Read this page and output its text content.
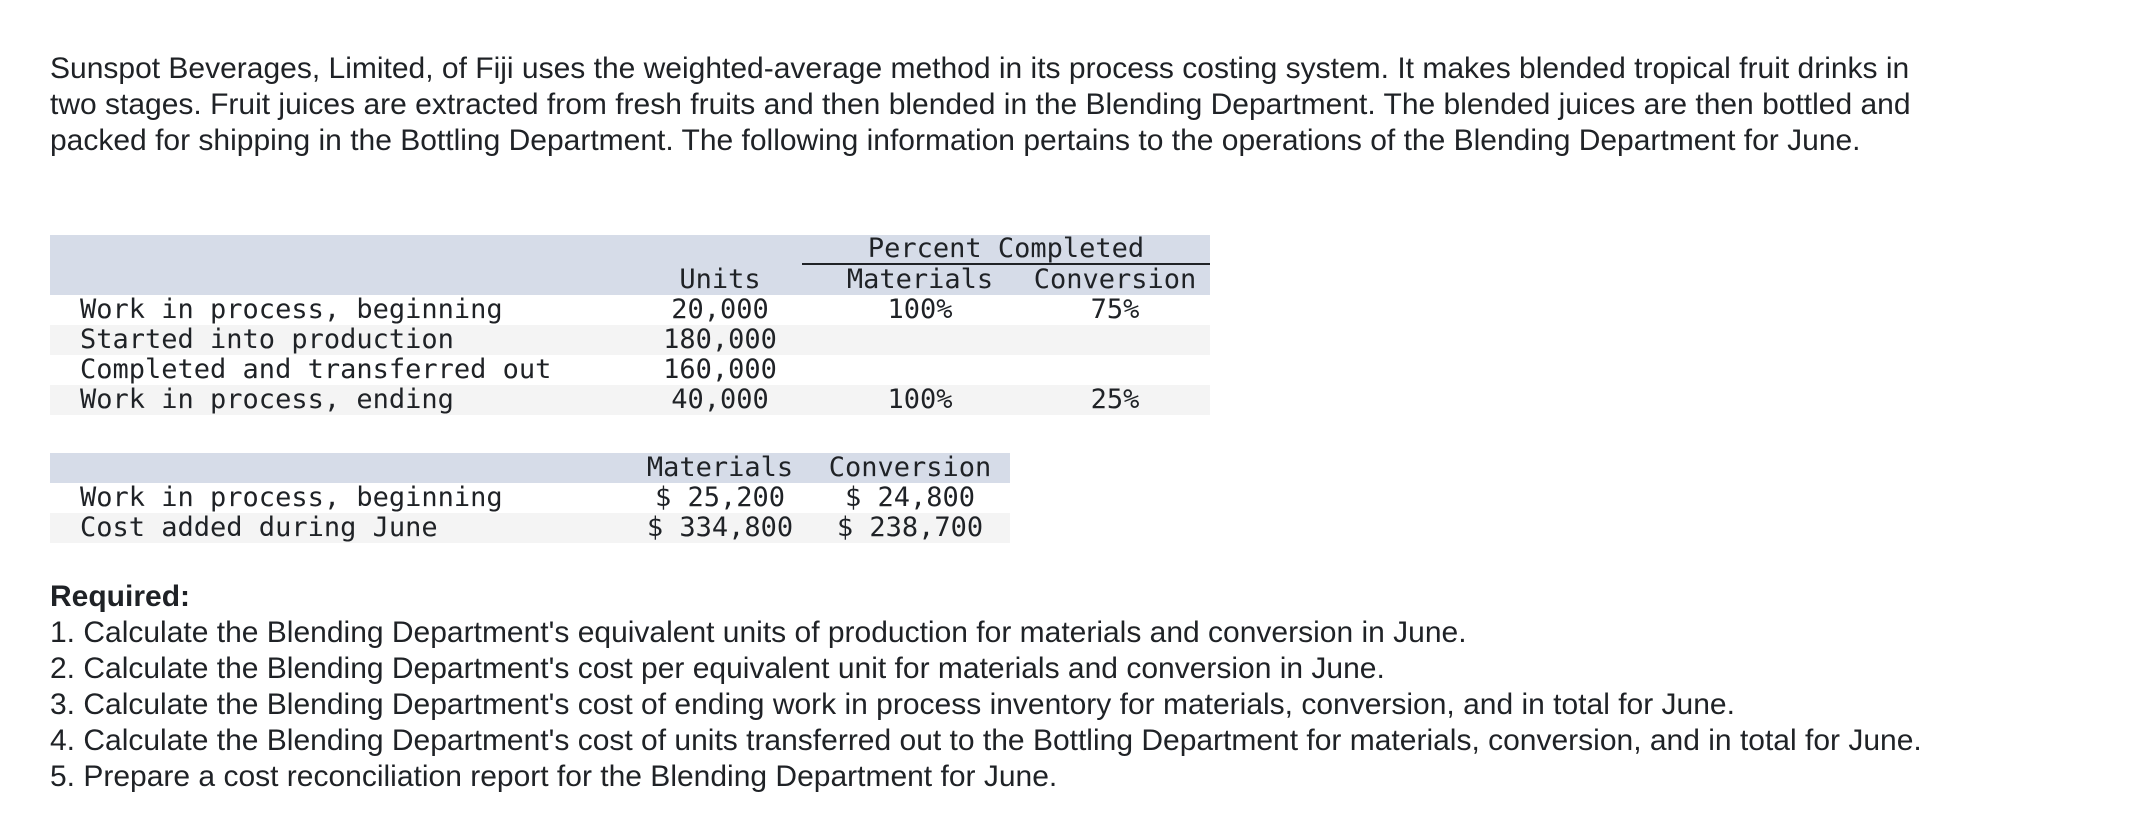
Sunspot Beverages, Limited, of Fiji uses the weighted-average method in its process costing system. It makes blended tropical fruit drinks in two stages. Fruit juices are extracted from fresh fruits and then blended in the Blending Department. The blended juices are then bottled and packed for shipping in the Bottling Department. The following information pertains to the operations of the Blending Department for June.

Percent Completed
Units	Materials	Conversion
Work in process, beginning	20,000	100%	75%
Started into production	180,000
Completed and transferred out	160,000
Work in process, ending	40,000	100%	25%
Materials	Conversion
Work in process, beginning	$ 25,200	$ 24,800
Cost added during June	$ 334,800	$ 238,700
Required:

1. Calculate the Blending Department's equivalent units of production for materials and conversion in June.

2. Calculate the Blending Department's cost per equivalent unit for materials and conversion in June.

3. Calculate the Blending Department's cost of ending work in process inventory for materials, conversion, and in total for June.

4. Calculate the Blending Department's cost of units transferred out to the Bottling Department for materials, conversion, and in total for June.

5. Prepare a cost reconciliation report for the Blending Department for June.
